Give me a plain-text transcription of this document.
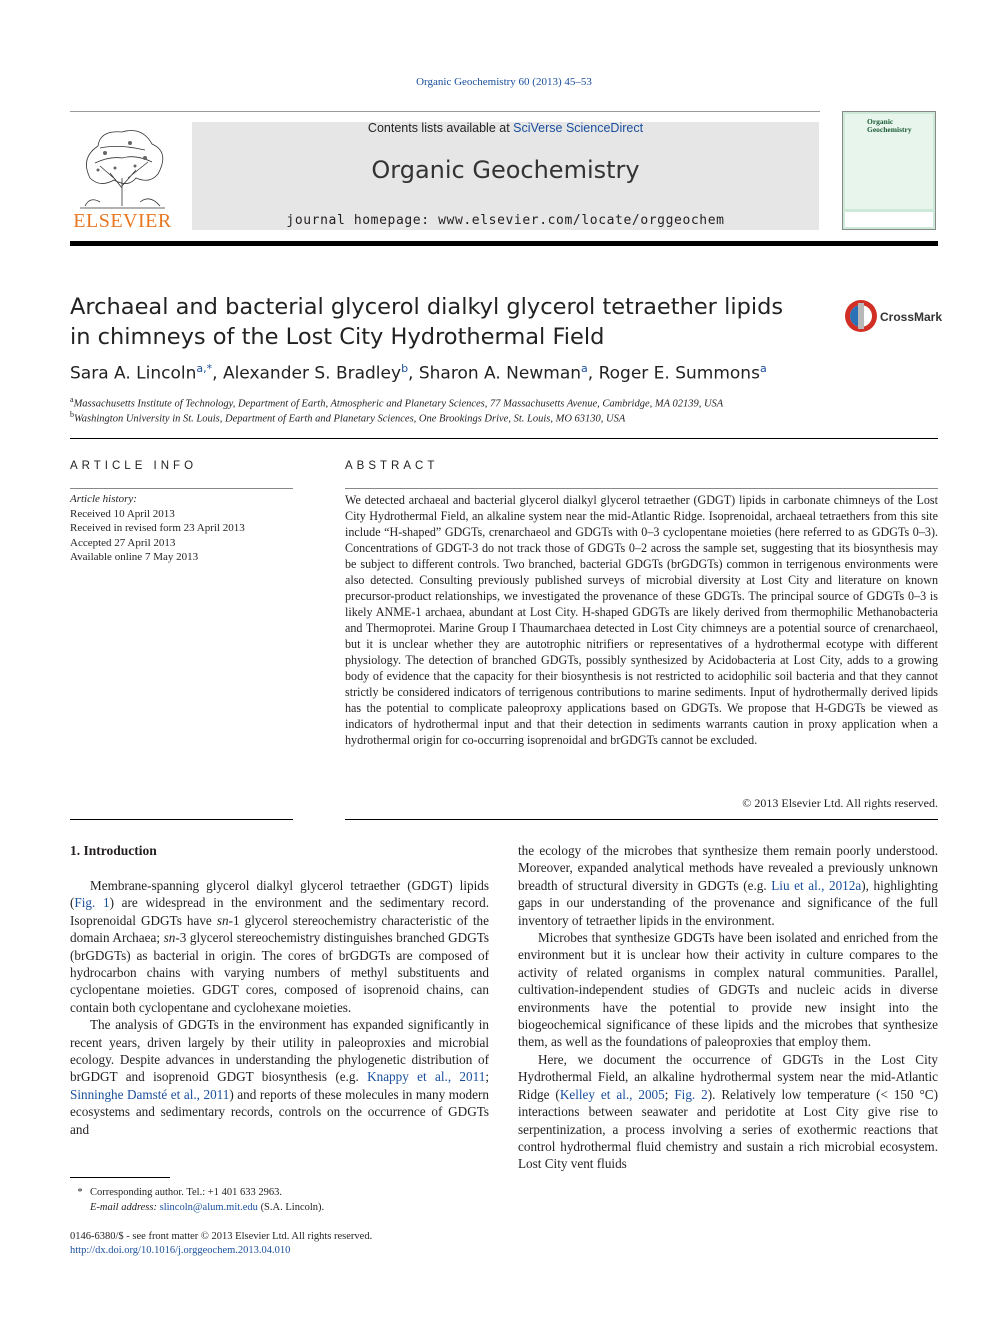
Organic Geochemistry 60 (2013) 45–53
ELSEVIER
Contents lists available at SciVerse ScienceDirect
Organic Geochemistry
journal homepage: www.elsevier.com/locate/orggeochem
Organic
Geochemistry
Archaeal and bacterial glycerol dialkyl glycerol tetraether lipids
in chimneys of the Lost City Hydrothermal Field
CrossMark
Sara A. Lincoln$^{a,*}$, Alexander S. Bradley$^b$, Sharon A. Newman$^a$, Roger E. Summons$^a$
$^a$Massachusetts Institute of Technology, Department of Earth, Atmospheric and Planetary Sciences, 77 Massachusetts Avenue, Cambridge, MA 02139, USA
$^b$Washington University in St. Louis, Department of Earth and Planetary Sciences, One Brookings Drive, St. Louis, MO 63130, USA
ARTICLE INFO	ABSTRACT
Article history:
Received 10 April 2013
Received in revised form 23 April 2013
Accepted 27 April 2013
Available online 7 May 2013
We detected archaeal and bacterial glycerol dialkyl glycerol tetraether (GDGT) lipids in carbonate chimneys of the Lost City Hydrothermal Field, an alkaline system near the mid-Atlantic Ridge. Isoprenoidal, archaeal tetraethers from this site include “H-shaped” GDGTs, crenarchaeol and GDGTs with 0–3 cyclopentane moieties (here referred to as GDGTs 0–3). Concentrations of GDGT-3 do not track those of GDGTs 0–2 across the sample set, suggesting that its biosynthesis may be subject to different controls. Two branched, bacterial GDGTs (brGDGTs) common in terrigenous environments were also detected. Consulting previously published surveys of microbial diversity at Lost City and literature on known precursor-product relationships, we investigated the provenance of these GDGTs. The principal source of GDGTs 0–3 is likely ANME-1 archaea, abundant at Lost City. H-shaped GDGTs are likely derived from thermophilic Methanobacteria and Thermoprotei. Marine Group I Thaumarchaea detected in Lost City chimneys are a potential source of crenarchaeol, but it is unclear whether they are autotrophic nitrifiers or representatives of a hydrothermal ecotype with different physiology. The detection of branched GDGTs, possibly synthesized by Acidobacteria at Lost City, adds to a growing body of evidence that the capacity for their biosynthesis is not restricted to acidophilic soil bacteria and that they cannot strictly be considered indicators of terrigenous contributions to marine sediments. Input of hydrothermally derived lipids has the potential to complicate paleoproxy applications based on GDGTs. We propose that H-GDGTs be viewed as indicators of hydrothermal input and that their detection in sediments warrants caution in proxy application when a hydrothermal origin for co-occurring isoprenoidal and brGDGTs cannot be excluded.
© 2013 Elsevier Ltd. All rights reserved.
1. Introduction

Membrane-spanning glycerol dialkyl glycerol tetraether (GDGT) lipids (Fig. 1) are widespread in the environment and the sedimentary record. Isoprenoidal GDGTs have sn-1 glycerol stereochemistry characteristic of the domain Archaea; sn-3 glycerol stereochemistry distinguishes branched GDGTs (brGDGTs) as bacterial in origin. The cores of brGDGTs are composed of hydrocarbon chains with varying numbers of methyl substituents and cyclopentane moieties. GDGT cores, composed of isoprenoid chains, can contain both cyclopentane and cyclohexane moieties.

The analysis of GDGTs in the environment has expanded significantly in recent years, driven largely by their utility in paleoproxies and microbial ecology. Despite advances in understanding the phylogenetic distribution of brGDGT and isoprenoid GDGT biosynthesis (e.g. Knappy et al., 2011; Sinninghe Damsté et al., 2011) and reports of these molecules in many modern ecosystems and sedimentary records, controls on the occurrence of GDGTs and

the ecology of the microbes that synthesize them remain poorly understood. Moreover, expanded analytical methods have revealed a previously unknown breadth of structural diversity in GDGTs (e.g. Liu et al., 2012a), highlighting gaps in our understanding of the provenance and significance of the full inventory of tetraether lipids in the environment.

Microbes that synthesize GDGTs have been isolated and enriched from the environment but it is unclear how their activity in culture compares to the activity of related organisms in complex natural communities. Parallel, cultivation-independent studies of GDGTs and nucleic acids in diverse environments have the potential to provide new insight into the biogeochemical significance of these lipids and the microbes that synthesize them, as well as the foundations of paleoproxies that employ them.

Here, we document the occurrence of GDGTs in the Lost City Hydrothermal Field, an alkaline hydrothermal system near the mid-Atlantic Ridge (Kelley et al., 2005; Fig. 2). Relatively low temperature (< 150 °C) interactions between seawater and peridotite at Lost City give rise to serpentinization, a process involving a series of exothermic reactions that control hydrothermal fluid chemistry and sustain a rich microbial ecosystem. Lost City vent fluids

* Corresponding author. Tel.: +1 401 633 2963.
E-mail address: slincoln@alum.mit.edu (S.A. Lincoln).
0146-6380/$ - see front matter © 2013 Elsevier Ltd. All rights reserved.
http://dx.doi.org/10.1016/j.orggeochem.2013.04.010
